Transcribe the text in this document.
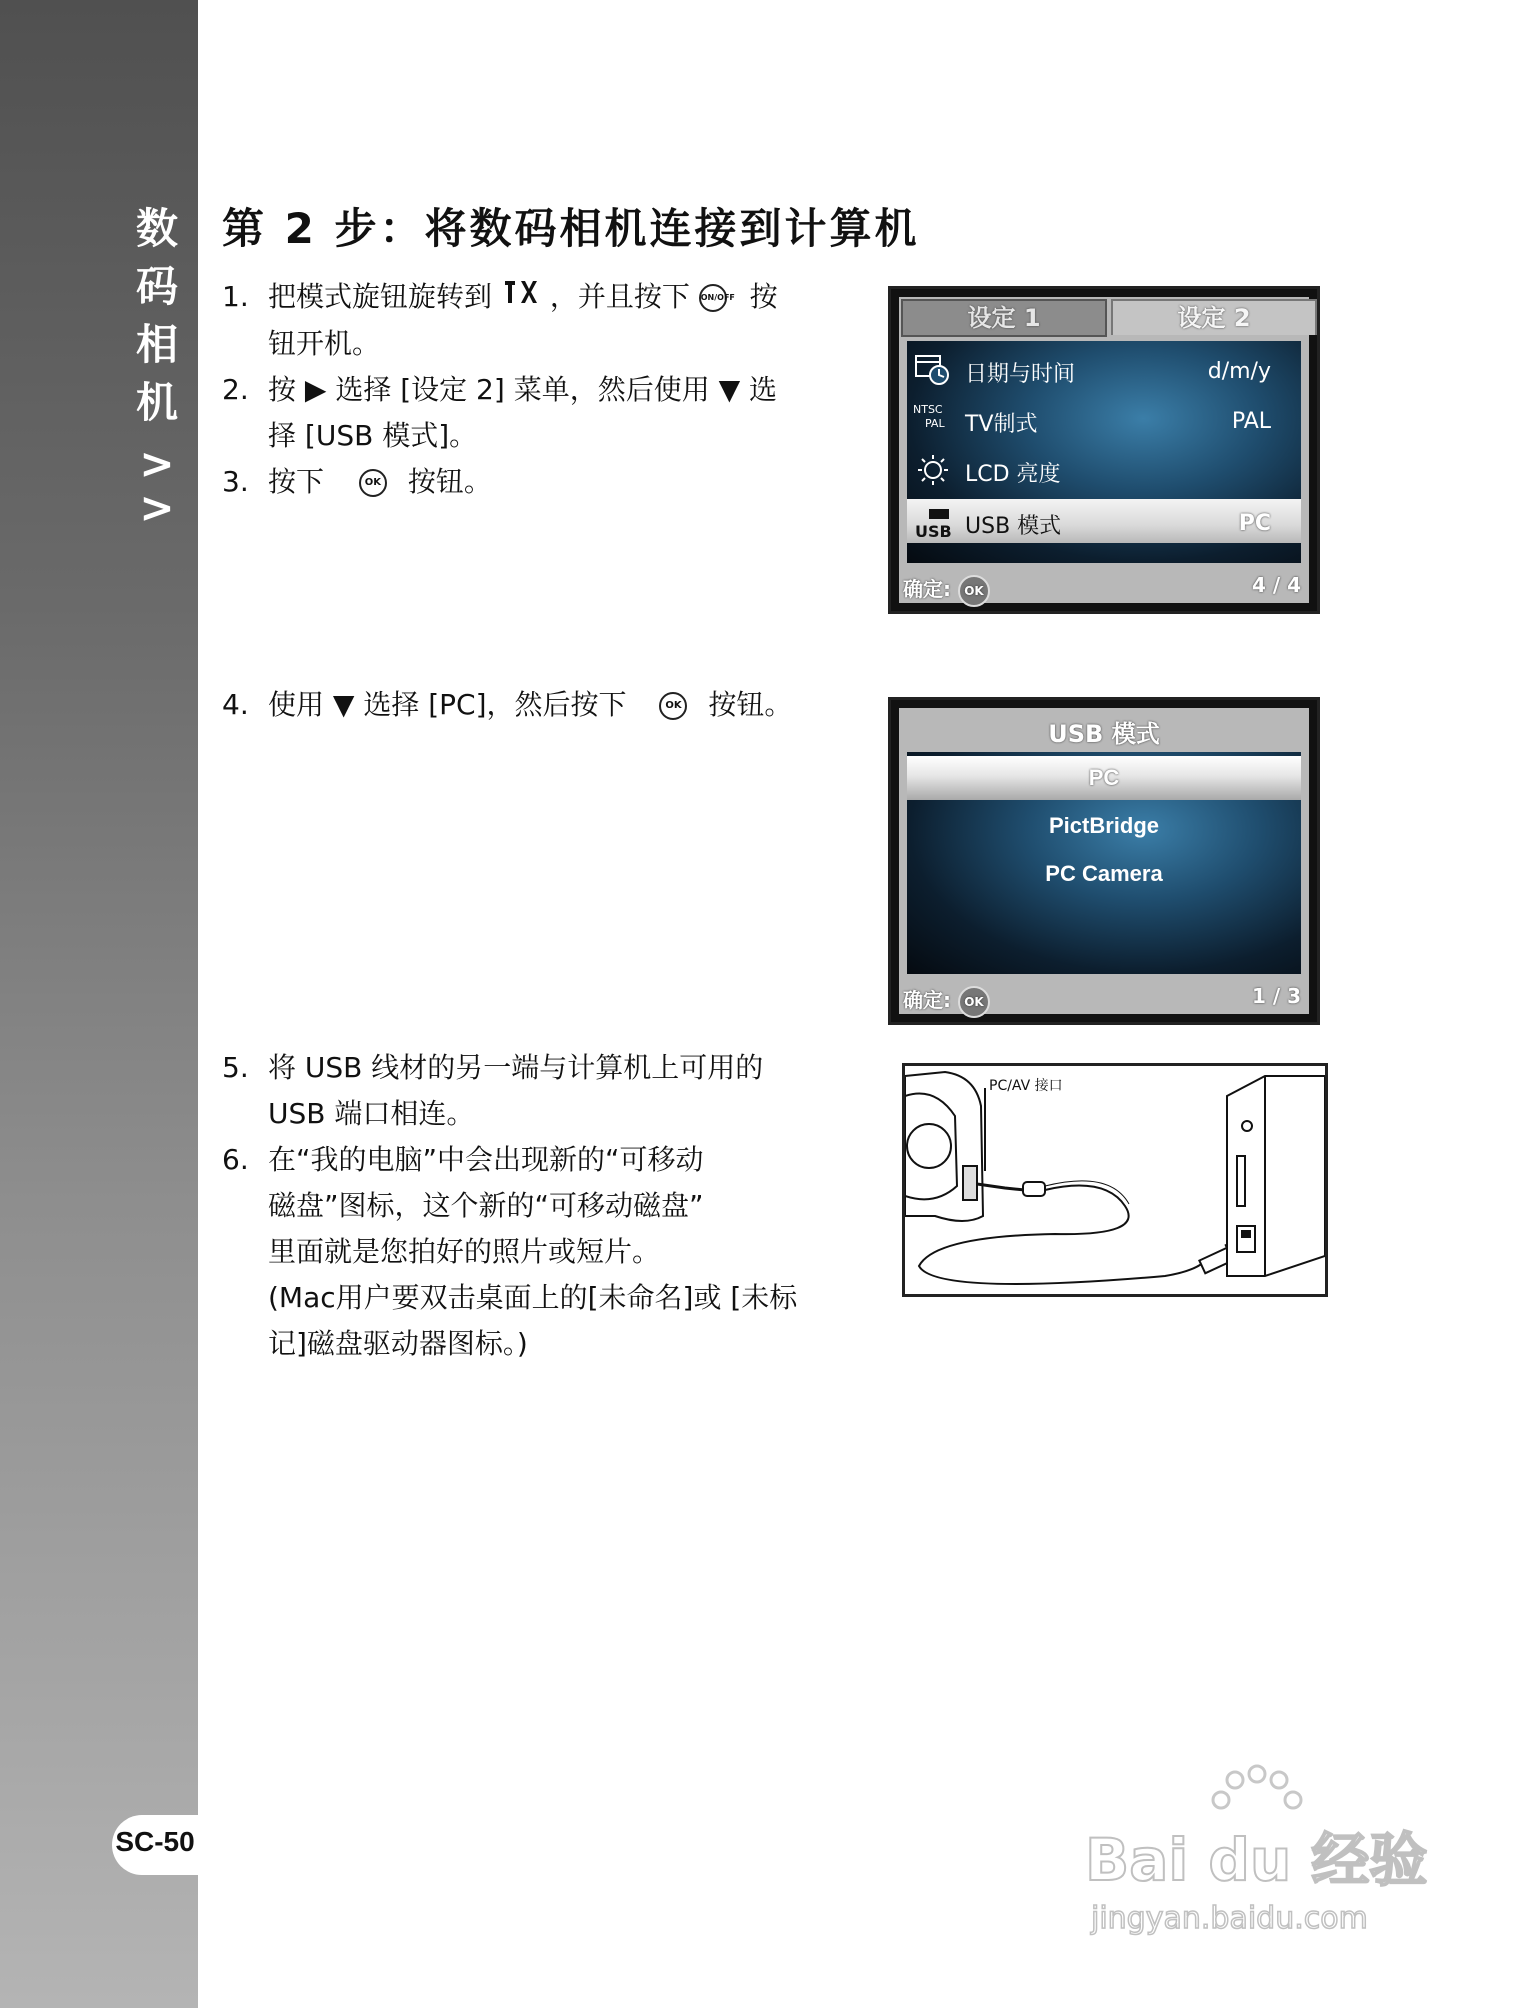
数
码
相
机
>
>
SC-50
第 2 步：将数码相机连接到计算机
1. 把模式旋钮旋转到 ，并且按下 ON/OFF 按
钮开机。
2. 按 ▶ 选择 [设定 2] 菜单，然后使用 ▼ 选
择 [USB 模式]。
3. 按下	OK 按钮。
设定 1	设定 2
日期与时间	d/m/y
NTSC
PAL TV制式	PAL
LCD 亮度
USB USB 模式	PC
确定: OK	4 / 4
4. 使用 ▼ 选择 [PC]，然后按下	OK 按钮。
USB 模式
PC
PictBridge
PC Camera
确定: OK	1 / 3
5. 将 USB 线材的另一端与计算机上可用的
USB 端口相连。
6. 在“我的电脑”中会出现新的“可移动
磁盘”图标，这个新的“可移动磁盘”
里面就是您拍好的照片或短片。
(Mac用户要双击桌面上的[未命名]或 [未标
记]磁盘驱动器图标。)
PC/AV 接口
Bai du 经验
jingyan.baidu.com
